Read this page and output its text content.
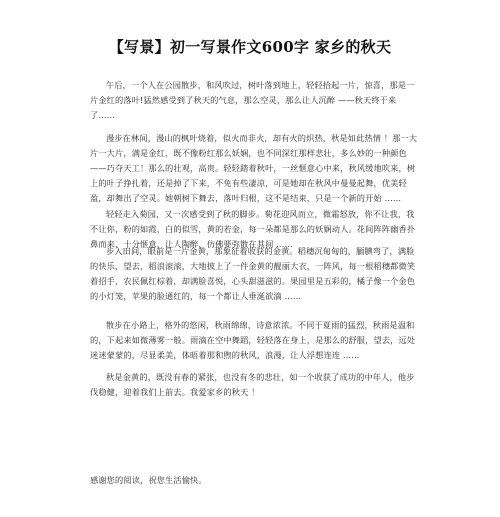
【写景】初一写景作文600字 家乡的秋天

午后，一个人在公园散步，和风吹过，树叶落到地上，轻轻拾起一片，惊喜，那是一片金红的落叶!猛然感受到了秋天的气息，那么空灵，那么让人沉醉 ——秋天终于来了……

漫步在林间，漫山的枫叶烧着，似火而非火，却有火的炽热，秋是如此热情 ！那一大片一大片，满是金红，既不像粉红那么妖娴，也不同深红那样悲壮，多么妙的一种颜色——巧夺天工！那么的壮观，高贵。轻轻踏着秋叶，一丝惬意心中来，秋风缓地吹来，树上的叶子挣扎着，还是掉了下来，不免有些凄凉，可是她却在秋风中曼曼起舞，优美轻盈，却舞出了空灵。她朝树下舞去，落叶归根，这不是结束，只是一个新的开始 ……

轻轻走入菊园，又一次感受到了秋的脚步。菊花迎风而立，微霜怒放，你不让我，我不让你，粉的如霞，白的似雪，黄的若金，每一朵都是那么的妖娴动人。花间阵阵幽香扑鼻而来，十分惬意，让人陶醉，仿佛要弥散在其间 ……

步入田间，眼前是一片金黄，那象征着收获的金黄。稻穗沉甸甸的，腼腆弯了，满脸的快乐，望去，稻浪滚滚，大地披上了一件金黄的靓丽大衣，一阵风，每一根稻穗都微笑着招手，农民佩红棕着，却满脸喜悦，心头甜滋滋的。果园里是五彩的，橘子像一个金色的小灯笼，苹果的脸通红的，每一个都让人垂涎欲滴 ……

散步在小路上，格外的悠闲，秋雨绵绵，诗意浓浓。不同于夏雨的猛烈，秋雨是温和的，下起来如微薄雾一般。雨滴在空中舞蹈，轻轻落在身上，是那么的舒服，望去，远处迷迷蒙蒙的，尽显柔美，体晤着那和煦的秋风，浪漫，让人浮想连连 ……

秋是金黄的，既没有春的紧张，也没有冬的悲壮，如一个收获了成功的中年人，他步伐稳健，迎着我们上前去。我爱家乡的秋天 ！

感谢您的阅读，祝您生活愉快。
